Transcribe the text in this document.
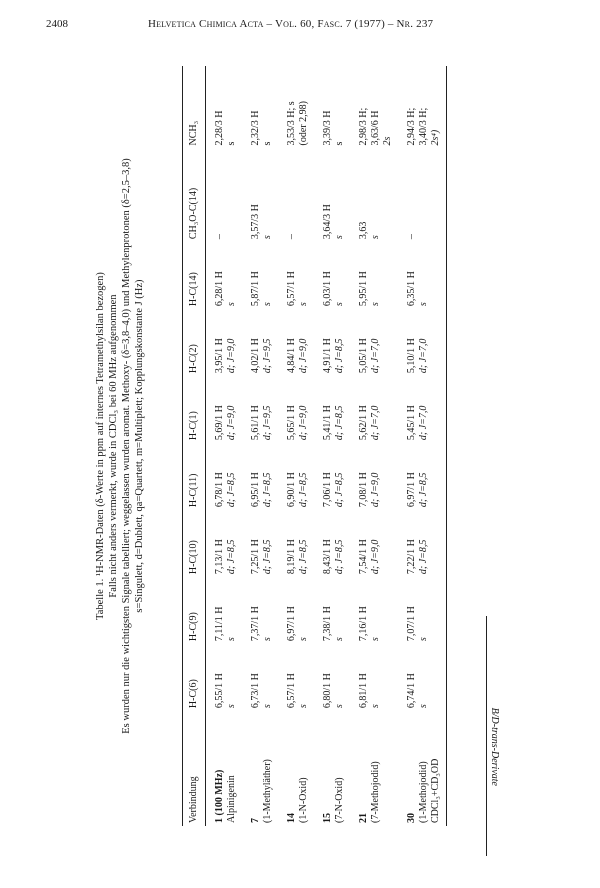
2408	Helvetica Chimica Acta – Vol. 60, Fasc. 7 (1977) – Nr. 237

Tabelle 1. ¹H-NMR-Daten (δ-Werte in ppm auf internes Tetramethylsilan bezogen) Falls nicht anders vermerkt, wurde in CDCl₃ bei 60 MHz aufgenommen Es wurden nur die wichtigsten Signale tabelliert; weggelassen wurden aromat. Methoxy- (δ=3,8–4,0) und Methylenprotonen (δ=2,5–3,8) s=Singulett, d=Dublett, qa=Quartett, m=Multiplett; Kopplungskonstante J (Hz)

Verbindung	H-C(6)	H-C(9)	H-C(10)	H-C(11)	H-C(1)	H-C(2)	H-C(14)	CH₃O-C(14)	NCH₃
1 (100 MHz) Alpinigenin	6,55/1 H s	7,11/1 H s	7,13/1 H d; J=8,5	6,78/1 H d; J=8,5	5,69/1 H d; J=9,0	3,95/1 H d; J=9,0	6,28/1 H s	–	2,28/3 H s

7 (1-Methyläther)	6,73/1 H s	7,37/1 H s	7,25/1 H d; J=8,5	6,95/1 H d; J=8,5	5,61/1 H d; J=9,5	4,02/1 H d; J=9,5	5,87/1 H s	3,57/3 H s	2,32/3 H s

14 (1-N-Oxid)	6,57/1 H s	6,97/1 H s	8,19/1 H d; J=8,5	6,90/1 H d; J=8,5	5,65/1 H d; J=9,0	4,84/1 H d; J=9,0	6,57/1 H s	–	3,53/3 H; s (oder 2,98)

15 (7-N-Oxid)	6,80/1 H s	7,38/1 H s	8,43/1 H d; J=8,5	7,06/1 H d; J=8,5	5,41/1 H d; J=8,5	4,91/1 H d; J=8,5	6,03/1 H s	3,64/3 H s	3,39/3 H s

21 (7-Methojodid)	6,81/1 H s	7,16/1 H s	7,54/1 H d; J=9,0	7,08/1 H d; J=9,0	5,62/1 H d; J=7,0	5,05/1 H d; J=7,0	5,95/1 H s	3,63 s	2,98/3 H; 3,63/6 H 2s

30 (1-Methojodid) CDCl₃+CD₃OD	6,74/1 H s	7,07/1 H s	7,22/1 H d; J=8,5	6,97/1 H d; J=8,5	5,45/1 H d; J=7,0	5,10/1 H d; J=7,0	6,35/1 H s	–	2,94/3 H; 3,40/3 H; 2s⁴)
B/D-trans-Derivate
